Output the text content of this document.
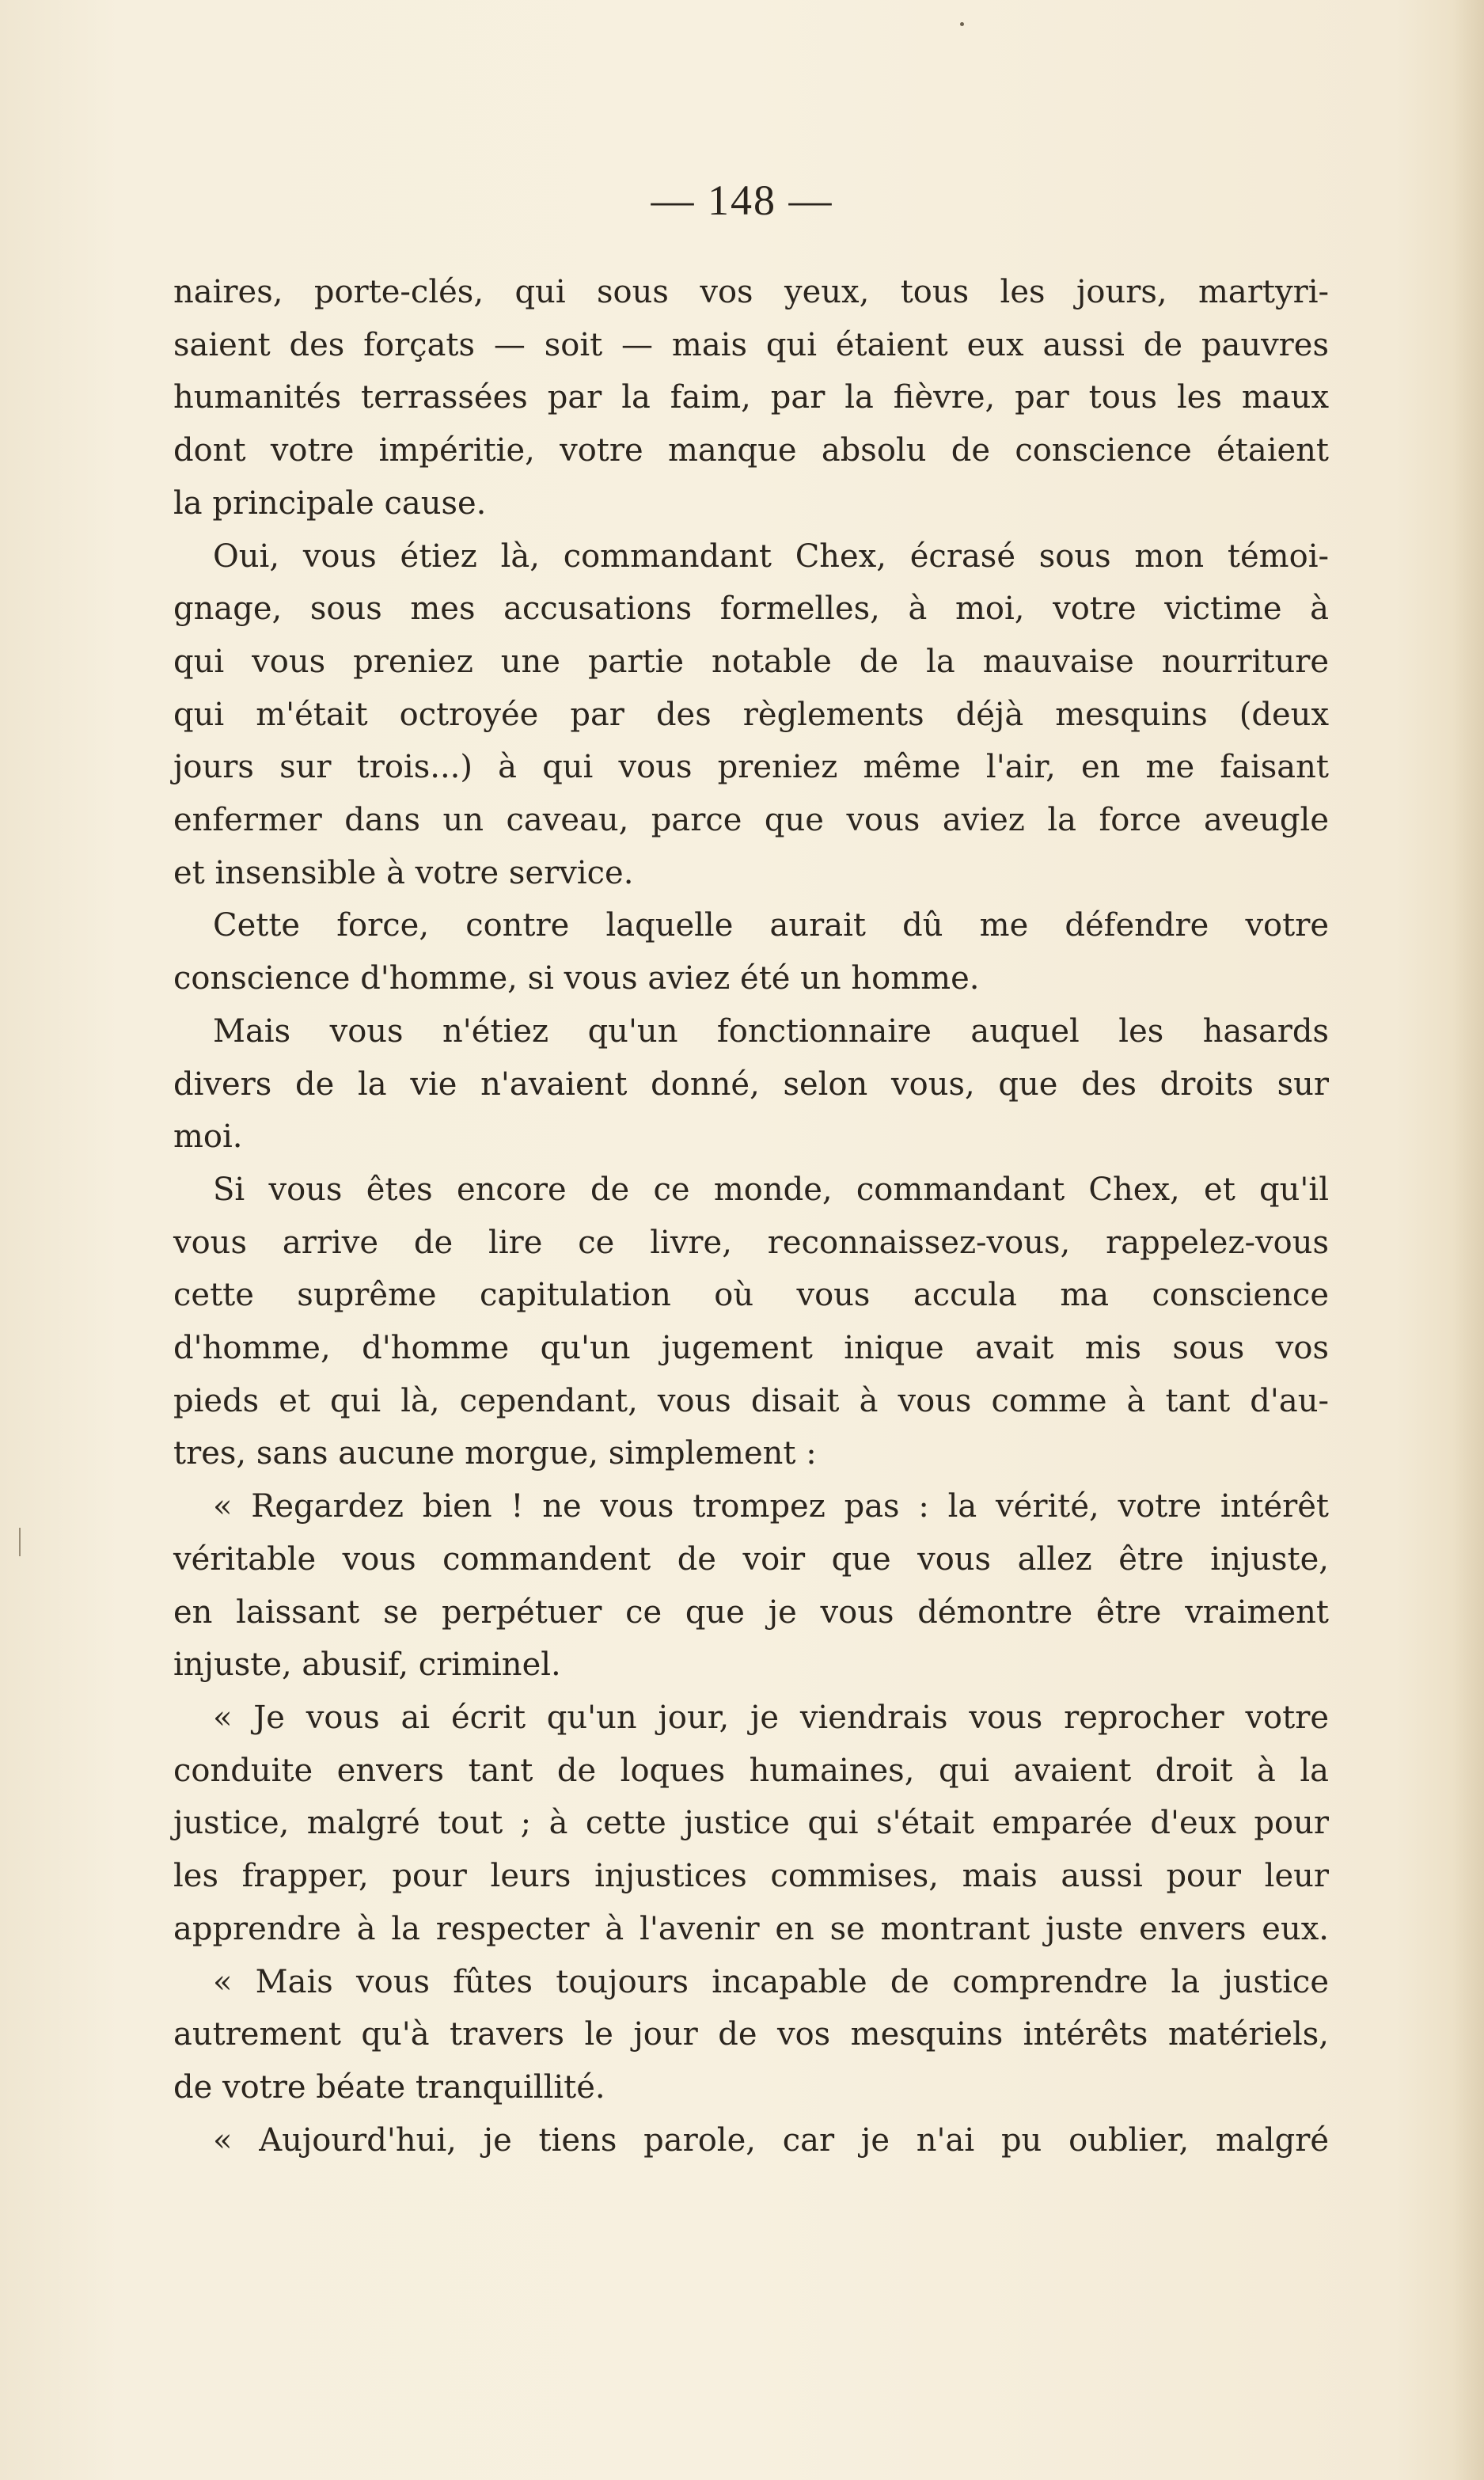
— 148 —
naires, porte-clés, qui sous vos yeux, tous les jours, martyri-
saient des forçats — soit — mais qui étaient eux aussi de pauvres
humanités terrassées par la faim, par la fièvre, par tous les maux
dont votre impéritie, votre manque absolu de conscience étaient
la principale cause.
Oui, vous étiez là, commandant Chex, écrasé sous mon témoi-
gnage, sous mes accusations formelles, à moi, votre victime à
qui vous preniez une partie notable de la mauvaise nourriture
qui m'était octroyée par des règlements déjà mesquins (deux
jours sur trois...) à qui vous preniez même l'air, en me faisant
enfermer dans un caveau, parce que vous aviez la force aveugle
et insensible à votre service.
Cette force, contre laquelle aurait dû me défendre votre
conscience d'homme, si vous aviez été un homme.
Mais vous n'étiez qu'un fonctionnaire auquel les hasards
divers de la vie n'avaient donné, selon vous, que des droits sur
moi.
Si vous êtes encore de ce monde, commandant Chex, et qu'il
vous arrive de lire ce livre, reconnaissez-vous, rappelez-vous
cette suprême capitulation où vous accula ma conscience
d'homme, d'homme qu'un jugement inique avait mis sous vos
pieds et qui là, cependant, vous disait à vous comme à tant d'au-
tres, sans aucune morgue, simplement :
« Regardez bien ! ne vous trompez pas : la vérité, votre intérêt
véritable vous commandent de voir que vous allez être injuste,
en laissant se perpétuer ce que je vous démontre être vraiment
injuste, abusif, criminel.
« Je vous ai écrit qu'un jour, je viendrais vous reprocher votre
conduite envers tant de loques humaines, qui avaient droit à la
justice, malgré tout ; à cette justice qui s'était emparée d'eux pour
les frapper, pour leurs injustices commises, mais aussi pour leur
apprendre à la respecter à l'avenir en se montrant juste envers eux.
« Mais vous fûtes toujours incapable de comprendre la justice
autrement qu'à travers le jour de vos mesquins intérêts matériels,
de votre béate tranquillité.
« Aujourd'hui, je tiens parole, car je n'ai pu oublier, malgré
